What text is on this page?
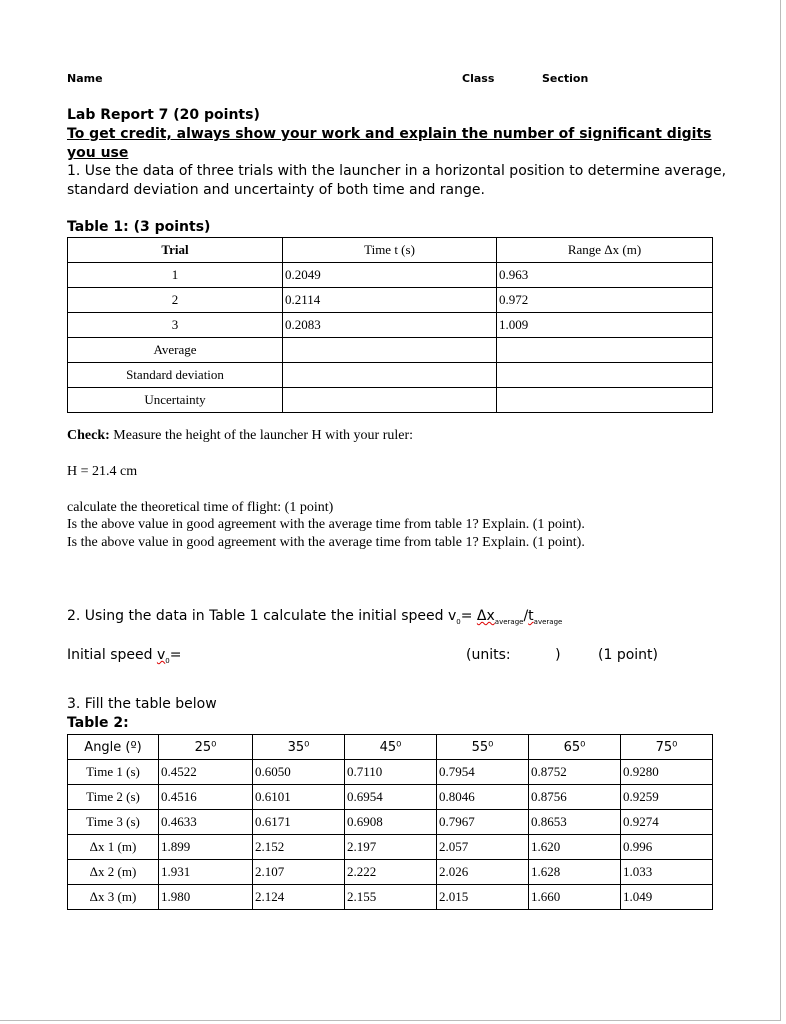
Name	Class	Section
Lab Report 7 (20 points)
To get credit, always show your work and explain the number of significant digits you use
1. Use the data of three trials with the launcher in a horizontal position to determine average, standard deviation and uncertainty of both time and range.
Table 1: (3 points)
Trial	Time t (s)	Range Δx (m)
1	0.2049	0.963
2	0.2114	0.972
3	0.2083	1.009
Average		
Standard deviation		
Uncertainty		
Check: Measure the height of the launcher H with your ruler:
H = 21.4 cm
calculate the theoretical time of flight: (1 point)
Is the above value in good agreement with the average time from table 1? Explain. (1 point).
Is the above value in good agreement with the average time from table 1? Explain. (1 point).
2. Using the data in Table 1 calculate the initial speed $v_0= \Delta x_{average}/t_{average}$
Initial speed $v_0=$	(units:          )	(1 point)
3. Fill the table below
Table 2:
Angle (º)	25⁰	35⁰	45⁰	55⁰	65⁰	75⁰
Time 1 (s)	0.4522	0.6050	0.7110	0.7954	0.8752	0.9280
Time 2 (s)	0.4516	0.6101	0.6954	0.8046	0.8756	0.9259
Time 3 (s)	0.4633	0.6171	0.6908	0.7967	0.8653	0.9274
Δx 1 (m)	1.899	2.152	2.197	2.057	1.620	0.996
Δx 2 (m)	1.931	2.107	2.222	2.026	1.628	1.033
Δx 3 (m)	1.980	2.124	2.155	2.015	1.660	1.049
